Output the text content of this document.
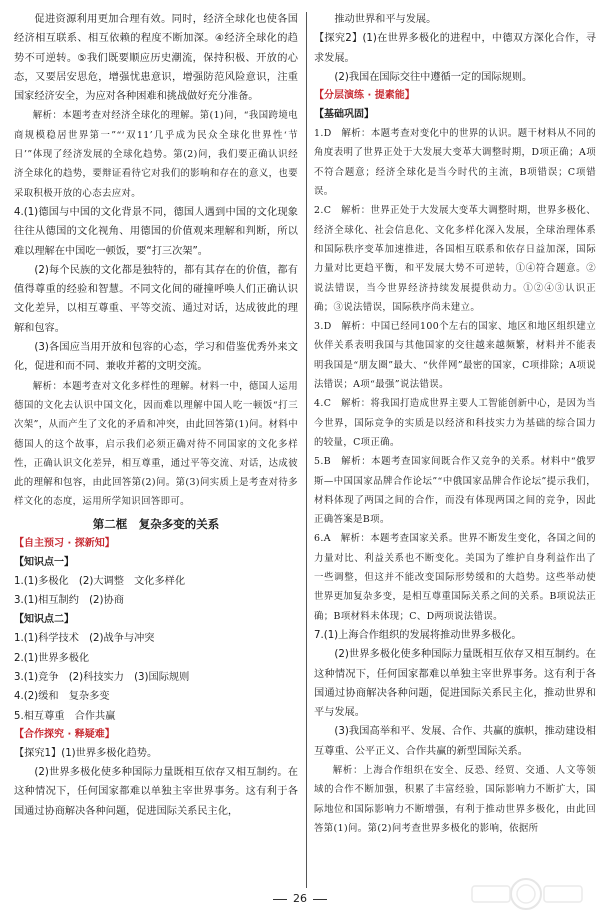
促进资源利用更加合理有效。同时，经济全球化也使各国经济相互联系、相互依赖的程度不断加深。④经济全球化的趋势不可逆转。⑤我们既要顺应历史潮流，保持积极、开放的心态，又要居安思危，增强忧患意识，增强防范风险意识，注重国家经济安全，为应对各种困难和挑战做好充分准备。

解析：本题考查对经济全球化的理解。第(1)问，“我国跨境电商规模稳居世界第一”“‘双11’几乎成为民众全球化世界性‘节日’”体现了经济发展的全球化趋势。第(2)问，我们要正确认识经济全球化的趋势，要辩证看待它对我们的影响和存在的意义，也要采取积极开放的心态去应对。

4.(1)德国与中国的文化背景不同，德国人遇到中国的文化现象往往从德国的文化视角、用德国的价值观来理解和判断，所以难以理解在中国吃一顿饭，要“打三次架”。

(2)每个民族的文化都是独特的，都有其存在的价值，都有值得尊重的经验和智慧。不同文化间的碰撞呼唤人们正确认识文化差异，以相互尊重、平等交流、通过对话，达成彼此的理解和包容。

(3)各国应当用开放和包容的心态，学习和借鉴优秀外来文化，促进和而不同、兼收并蓄的文明交流。

解析：本题考查对文化多样性的理解。材料一中，德国人运用德国的文化去认识中国文化，因而难以理解中国人吃一顿饭“打三次架”，从而产生了文化的矛盾和冲突，由此回答第(1)问。材料中德国人的这个故事，启示我们必须正确对待不同国家的文化多样性，正确认识文化差异，相互尊重，通过平等交流、对话，达成彼此的理解和包容，由此回答第(2)问。第(3)问实质上是考查对待多样文化的态度，运用所学知识回答即可。

第二框　复杂多变的关系
【自主预习 · 探新知】
【知识点一】
1.(1)多极化　(2)大调整　文化多样化
3.(1)相互制约　(2)协商
【知识点二】
1.(1)科学技术　(2)战争与冲突
2.(1)世界多极化
3.(1)竞争　(2)科技实力　(3)国际规则
4.(2)缓和　复杂多变
5.相互尊重　合作共赢
【合作探究 · 释疑难】
【探究1】(1)世界多极化趋势。

(2)世界多极化使多种国际力量既相互依存又相互制约。在这种情况下，任何国家都难以单独主宰世界事务。这有利于各国通过协商解决各种问题，促进国际关系民主化，

推动世界和平与发展。

【探究2】(1)在世界多极化的进程中，中德双方深化合作，寻求发展。

(2)我国在国际交往中遵循一定的国际规则。

【分层演练 · 提素能】
【基础巩固】

1.D　解析：本题考查对变化中的世界的认识。题干材料从不同的角度表明了世界正处于大发展大变革大调整时期，D项正确；A项不符合题意；经济全球化是当今时代的主流，B项错误；C项错误。

2.C　解析：世界正处于大发展大变革大调整时期，世界多极化、经济全球化、社会信息化、文化多样化深入发展，全球治理体系和国际秩序变革加速推进，各国相互联系和依存日益加深，国际力量对比更趋平衡，和平发展大势不可逆转，①④符合题意。②说法错误，当今世界经济持续发展提供动力。①②④③认识正确；③说法错误，国际秩序尚未建立。

3.D　解析：中国已经同100个左右的国家、地区和地区组织建立伙伴关系表明我国与其他国家的交往越来越频繁，材料并不能表明我国是“朋友圈”最大、“伙伴网”最密的国家，C项排除；A项说法错误；A项“最强”说法错误。

4.C　解析：将我国打造成世界主要人工智能创新中心，是因为当今世界，国际竞争的实质是以经济和科技实力为基础的综合国力的较量，C项正确。

5.B　解析：本题考查国家间既合作又竞争的关系。材料中“俄罗斯—中国国家品牌合作论坛”“中俄国家品牌合作论坛”提示我们，材料体现了两国之间的合作，而没有体现两国之间的竞争，因此正确答案是B项。

6.A　解析：本题考查国家关系。世界不断发生变化，各国之间的力量对比、利益关系也不断变化。美国为了维护自身利益作出了一些调整，但这并不能改变国际形势缓和的大趋势。这些举动使世界更加复杂多变，是相互尊重国际关系之间的关系。B项说法正确；B项材料未体现；C、D两项说法错误。

7.(1)上海合作组织的发展将推动世界多极化。

(2)世界多极化使多种国际力量既相互依存又相互制约。在这种情况下，任何国家都难以单独主宰世界事务。这有利于各国通过协商解决各种问题，促进国际关系民主化，推动世界和平与发展。

(3)我国高举和平、发展、合作、共赢的旗帜，推动建设相互尊重、公平正义、合作共赢的新型国际关系。

解析：上海合作组织在安全、反恐、经贸、交通、人文等领域的合作不断加强，积累了丰富经验，国际影响力不断扩大，国际地位和国际影响力不断增强，有利于推动世界多极化，由此回答第(1)问。第(2)问考查世界多极化的影响，依据所

26
